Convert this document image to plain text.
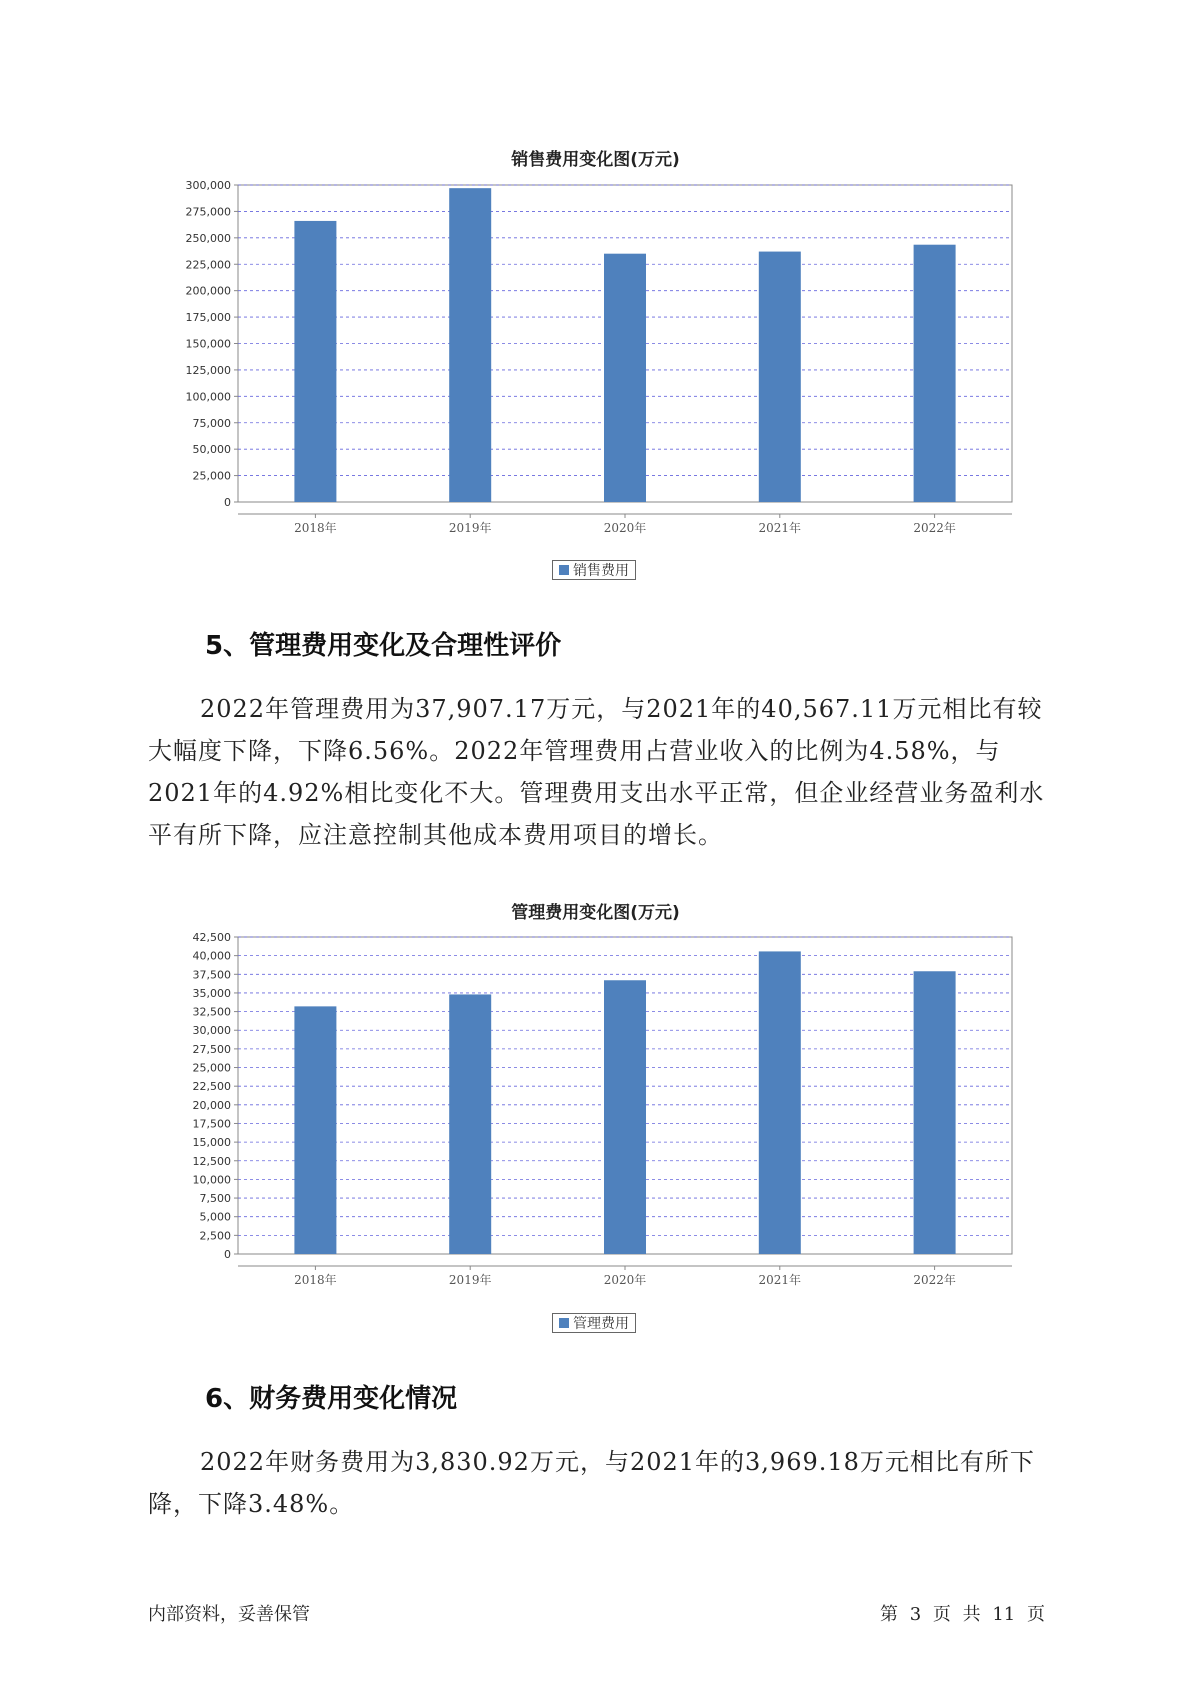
销售费用变化图(万元)
0
25,000
50,000
75,000
100,000
125,000
150,000
175,000
200,000
225,000
250,000
275,000
300,000
2018年	2019年	2020年	2021年	2022年
销售费用
5、管理费用变化及合理性评价
2022年管理费用为37,907.17万元，与2021年的40,567.11万元相比有较大幅度下降，下降6.56%。2022年管理费用占营业收入的比例为4.58%，与2021年的4.92%相比变化不大。管理费用支出水平正常，但企业经营业务盈利水平有所下降，应注意控制其他成本费用项目的增长。
管理费用变化图(万元)
0
2,500
5,000
7,500
10,000
12,500
15,000
17,500
20,000
22,500
25,000
27,500
30,000
32,500
35,000
37,500
40,000
42,500
2018年	2019年	2020年	2021年	2022年
管理费用
6、财务费用变化情况
2022年财务费用为3,830.92万元，与2021年的3,969.18万元相比有所下降，下降3.48%。
内部资料，妥善保管	第 3 页 共 11 页
